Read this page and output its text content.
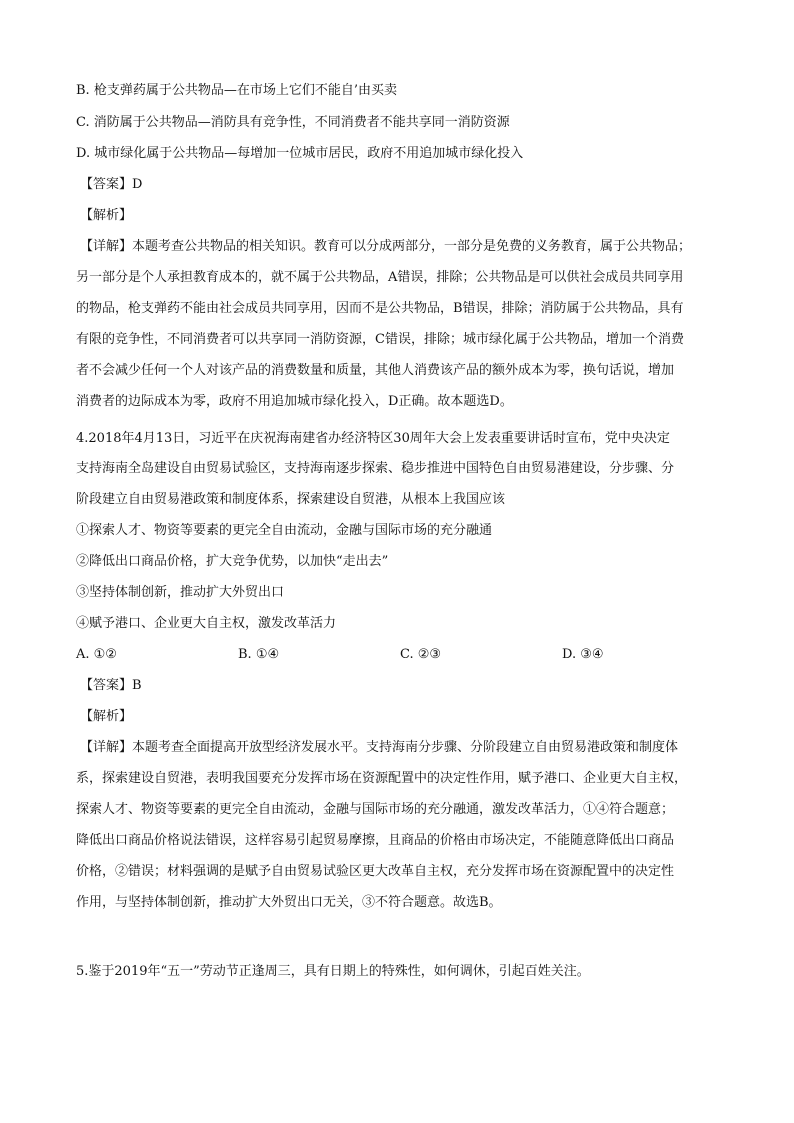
B. 枪支弹药属于公共物品—在市场上它们不能自’由买卖

C. 消防属于公共物品—消防具有竞争性，不同消费者不能共享同一消防资源

D. 城市绿化属于公共物品—每增加一位城市居民，政府不用追加城市绿化投入

【答案】D

【解析】

【详解】本题考查公共物品的相关知识。教育可以分成两部分，一部分是免费的义务教育，属于公共物品；

另一部分是个人承担教育成本的，就不属于公共物品，A错误，排除；公共物品是可以供社会成员共同享用

的物品，枪支弹药不能由社会成员共同享用，因而不是公共物品，B错误，排除；消防属于公共物品，具有

有限的竞争性，不同消费者可以共享同一消防资源，C错误，排除；城市绿化属于公共物品，增加一个消费

者不会减少任何一个人对该产品的消费数量和质量，其他人消费该产品的额外成本为零，换句话说，增加

消费者的边际成本为零，政府不用追加城市绿化投入，D正确。故本题选D。

4.2018年4月13日，习近平在庆祝海南建省办经济特区30周年大会上发表重要讲话时宣布，党中央决定

支持海南全岛建设自由贸易试验区，支持海南逐步探索、稳步推进中国特色自由贸易港建设，分步骤、分

阶段建立自由贸易港政策和制度体系，探索建设自贸港，从根本上我国应该

①探索人才、物资等要素的更完全自由流动，金融与国际市场的充分融通

②降低出口商品价格，扩大竞争优势，以加快“走出去”

③坚持体制创新，推动扩大外贸出口

④赋予港口、企业更大自主权，激发改革活力

A. ①②	B. ①④	C. ②③	D. ③④

【答案】B

【解析】

【详解】本题考查全面提高开放型经济发展水平。支持海南分步骤、分阶段建立自由贸易港政策和制度体

系，探索建设自贸港，表明我国要充分发挥市场在资源配置中的决定性作用，赋予港口、企业更大自主权，

探索人才、物资等要素的更完全自由流动，金融与国际市场的充分融通，激发改革活力，①④符合题意；

降低出口商品价格说法错误，这样容易引起贸易摩擦，且商品的价格由市场决定，不能随意降低出口商品

价格，②错误；材料强调的是赋予自由贸易试验区更大改革自主权，充分发挥市场在资源配置中的决定性

作用，与坚持体制创新，推动扩大外贸出口无关，③不符合题意。故选B。

5.鉴于2019年“五一”劳动节正逢周三，具有日期上的特殊性，如何调休，引起百姓关注。
